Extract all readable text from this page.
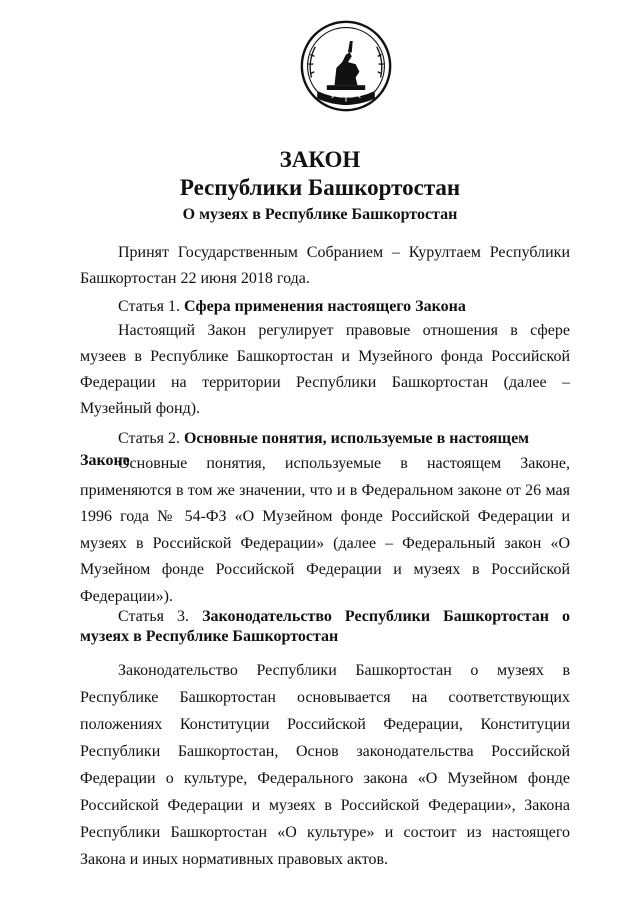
ЗАКОН
Республики Башкортостан
О музеях в Республике Башкортостан
Принят Государственным Собранием – Курултаем Республики Башкортостан 22 июня 2018 года.
Статья 1. Сфера применения настоящего Закона
Настоящий Закон регулирует правовые отношения в сфере музеев в Республике Башкортостан и Музейного фонда Российской Федерации на территории Республики Башкортостан (далее – Музейный фонд).
Статья 2. Основные понятия, используемые в настоящем Законе
Основные понятия, используемые в настоящем Законе, применяются в том же значении, что и в Федеральном законе от 26 мая 1996 года № 54-ФЗ «О Музейном фонде Российской Федерации и музеях в Российской Федерации» (далее – Федеральный закон «О Музейном фонде Российской Федерации и музеях в Российской Федерации»).
Статья 3. Законодательство Республики Башкортостан о музеях в Республике Башкортостан
Законодательство Республики Башкортостан о музеях в Республике Башкортостан основывается на соответствующих положениях Конституции Российской Федерации, Конституции Республики Башкортостан, Основ законодательства Российской Федерации о культуре, Федерального закона «О Музейном фонде Российской Федерации и музеях в Российской Федерации», Закона Республики Башкортостан «О культуре» и состоит из настоящего Закона и иных нормативных правовых актов.
